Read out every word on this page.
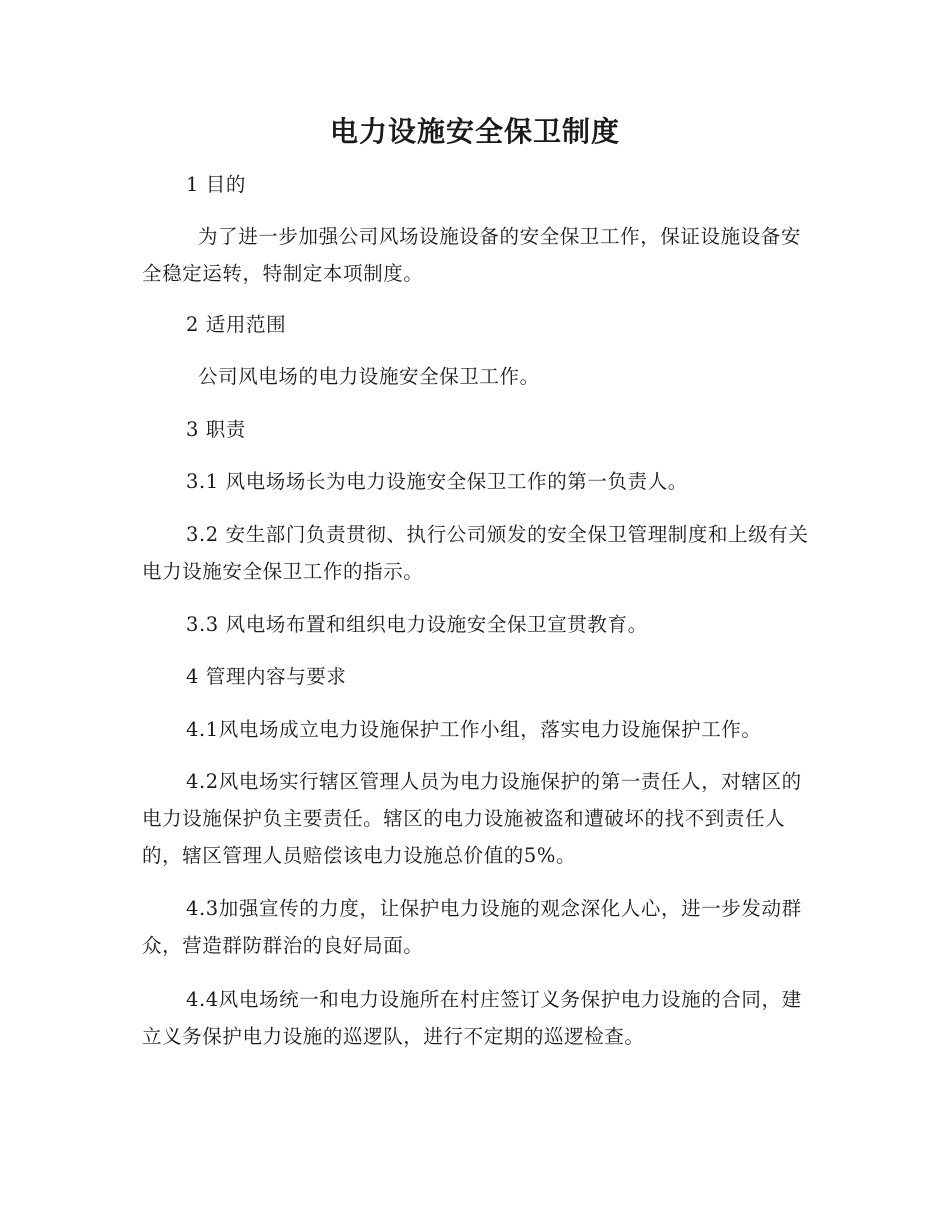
电力设施安全保卫制度

1 目的

为了进一步加强公司风场设施设备的安全保卫工作，保证设施设备安全稳定运转，特制定本项制度。

2 适用范围

公司风电场的电力设施安全保卫工作。

3 职责

3.1 风电场场长为电力设施安全保卫工作的第一负责人。

3.2 安生部门负责贯彻、执行公司颁发的安全保卫管理制度和上级有关电力设施安全保卫工作的指示。

3.3 风电场布置和组织电力设施安全保卫宣贯教育。

4 管理内容与要求

4.1风电场成立电力设施保护工作小组，落实电力设施保护工作。

4.2风电场实行辖区管理人员为电力设施保护的第一责任人，对辖区的电力设施保护负主要责任。辖区的电力设施被盗和遭破坏的找不到责任人的，辖区管理人员赔偿该电力设施总价值的5%。

4.3加强宣传的力度，让保护电力设施的观念深化人心，进一步发动群众，营造群防群治的良好局面。

4.4风电场统一和电力设施所在村庄签订义务保护电力设施的合同，建立义务保护电力设施的巡逻队，进行不定期的巡逻检查。
